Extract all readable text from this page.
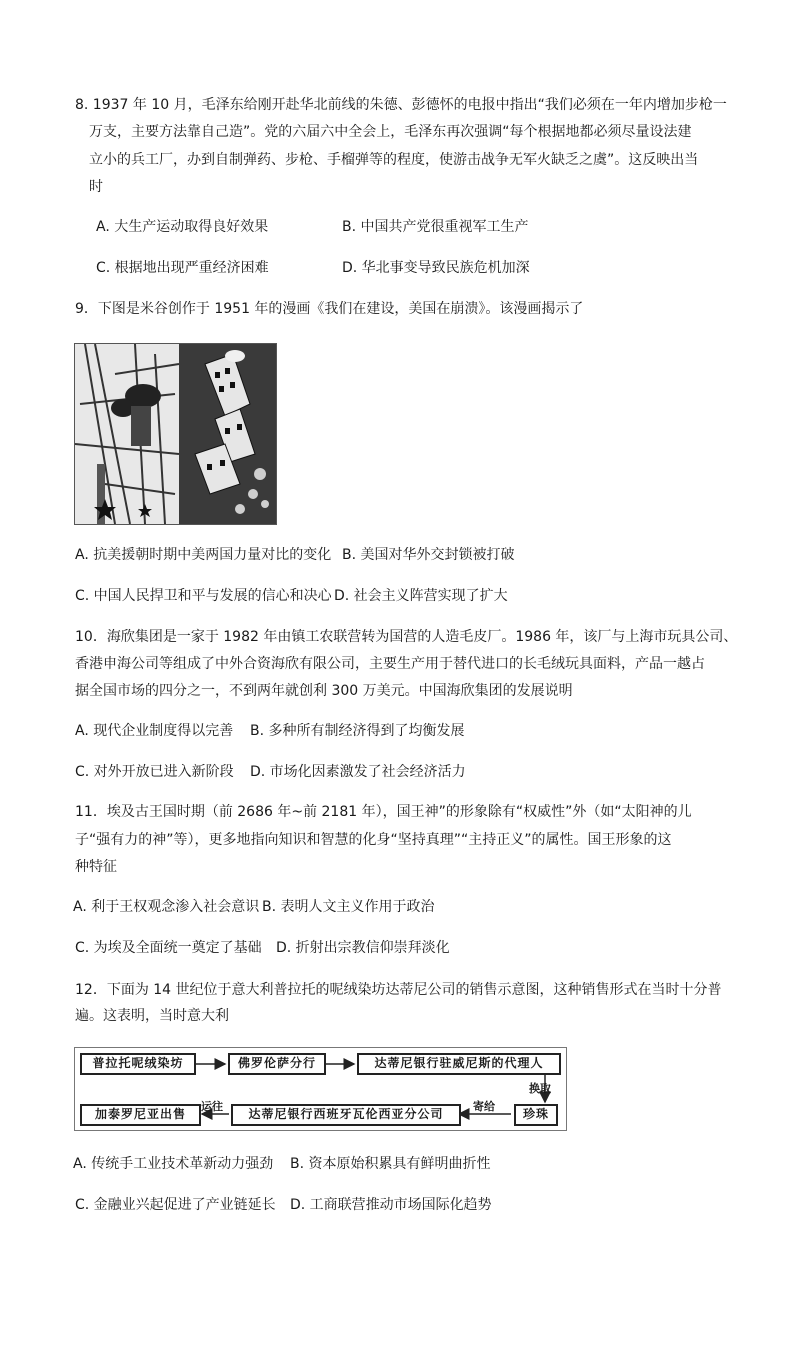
8. 1937 年 10 月，毛泽东给刚开赴华北前线的朱德、彭德怀的电报中指出“我们必须在一年内增加步枪一
万支，主要方法靠自己造”。党的六届六中全会上，毛泽东再次强调“每个根据地都必须尽量设法建
立小的兵工厂，办到自制弹药、步枪、手榴弹等的程度，使游击战争无军火缺乏之虞”。这反映出当
时
A. 大生产运动取得良好效果	B. 中国共产党很重视军工生产
C. 根据地出现严重经济困难	D. 华北事变导致民族危机加深
9．下图是米谷创作于 1951 年的漫画《我们在建设，美国在崩溃》。该漫画揭示了
A. 抗美援朝时期中美两国力量对比的变化 B. 美国对华外交封锁被打破
C. 中国人民捍卫和平与发展的信心和决心 D. 社会主义阵营实现了扩大
10．海欣集团是一家于 1982 年由镇工农联营转为国营的人造毛皮厂。1986 年，该厂与上海市玩具公司、
香港申海公司等组成了中外合资海欣有限公司，主要生产用于替代进口的长毛绒玩具面料，产品一越占
据全国市场的四分之一，不到两年就创利 300 万美元。中国海欣集团的发展说明
A. 现代企业制度得以完善 B. 多种所有制经济得到了均衡发展
C. 对外开放已进入新阶段 D. 市场化因素激发了社会经济活力
11．埃及古王国时期（前 2686 年~前 2181 年），国王神”的形象除有“权威性”外（如“太阳神的儿
子“强有力的神”等），更多地指向知识和智慧的化身“坚持真理”“主持正义”的属性。国王形象的这
种特征
A. 利于王权观念渗入社会意识 B. 表明人文主义作用于政治
C. 为埃及全面统一奠定了基础 D. 折射出宗教信仰崇拜淡化
12．下面为 14 世纪位于意大利普拉托的呢绒染坊达蒂尼公司的销售示意图，这种销售形式在当时十分普
遍。这表明，当时意大利
普拉托呢绒染坊	佛罗伦萨分行	达蒂尼银行驻威尼斯的代理人
换取
珍珠
寄给
达蒂尼银行西班牙瓦伦西亚分公司
运往
加泰罗尼亚出售
A. 传统手工业技术革新动力强劲 B. 资本原始积累具有鲜明曲折性
C. 金融业兴起促进了产业链延长 D. 工商联营推动市场国际化趋势
